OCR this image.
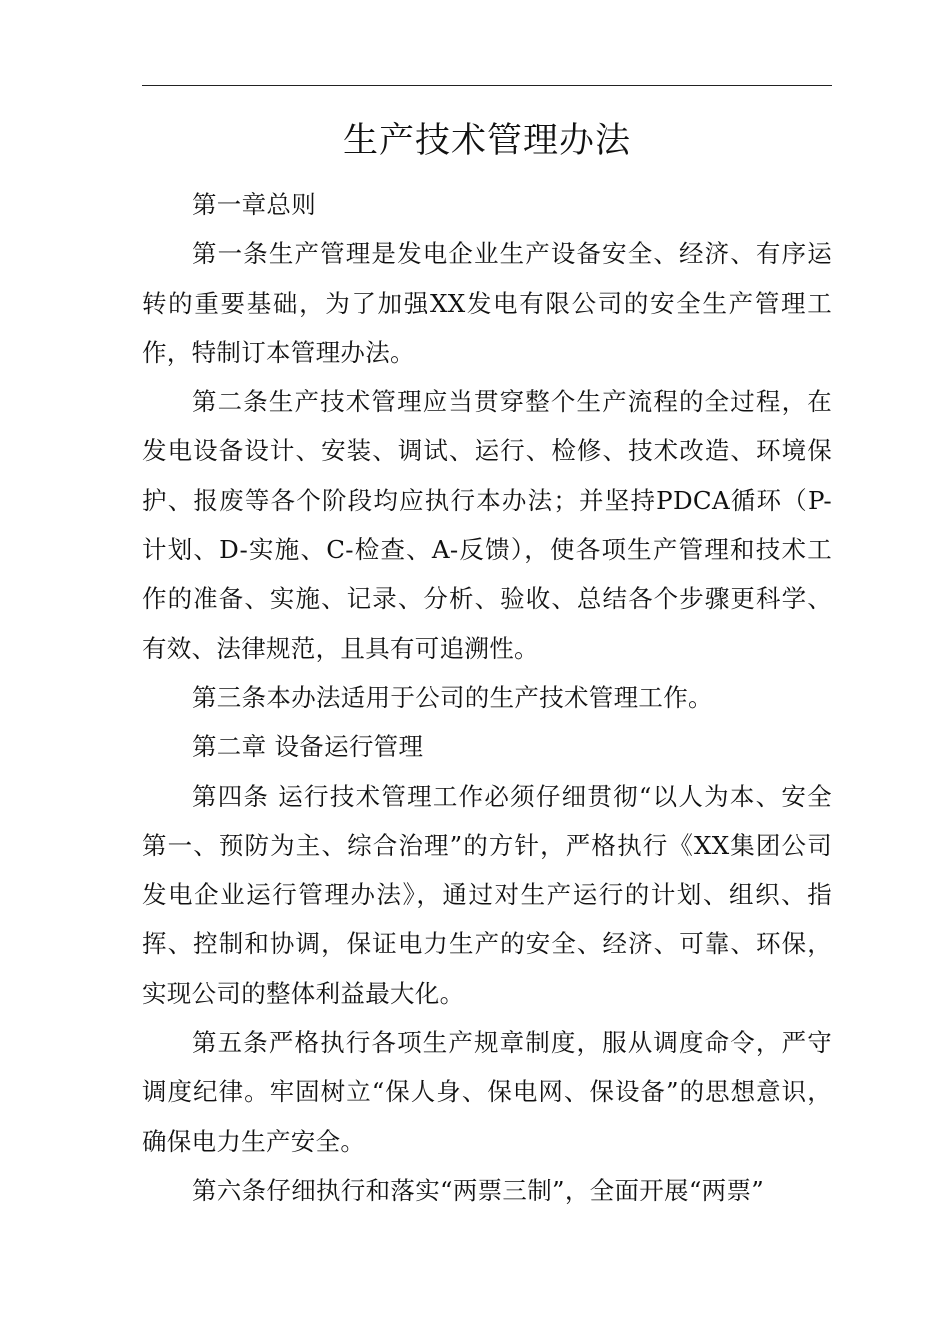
生产技术管理办法

第一章总则

第一条生产管理是发电企业生产设备安全、经济、有序运转的重要基础，为了加强XX发电有限公司的安全生产管理工作，特制订本管理办法。

第二条生产技术管理应当贯穿整个生产流程的全过程，在发电设备设计、安装、调试、运行、检修、技术改造、环境保护、报废等各个阶段均应执行本办法；并坚持PDCA循环（P-计划、D-实施、C-检查、A-反馈），使各项生产管理和技术工作的准备、实施、记录、分析、验收、总结各个步骤更科学、有效、法律规范，且具有可追溯性。

第三条本办法适用于公司的生产技术管理工作。

第二章 设备运行管理

第四条 运行技术管理工作必须仔细贯彻“以人为本、安全第一、预防为主、综合治理”的方针，严格执行《XX集团公司发电企业运行管理办法》，通过对生产运行的计划、组织、指挥、控制和协调，保证电力生产的安全、经济、可靠、环保，实现公司的整体利益最大化。

第五条严格执行各项生产规章制度，服从调度命令，严守调度纪律。牢固树立“保人身、保电网、保设备”的思想意识，确保电力生产安全。

第六条仔细执行和落实“两票三制”，全面开展“两票”
